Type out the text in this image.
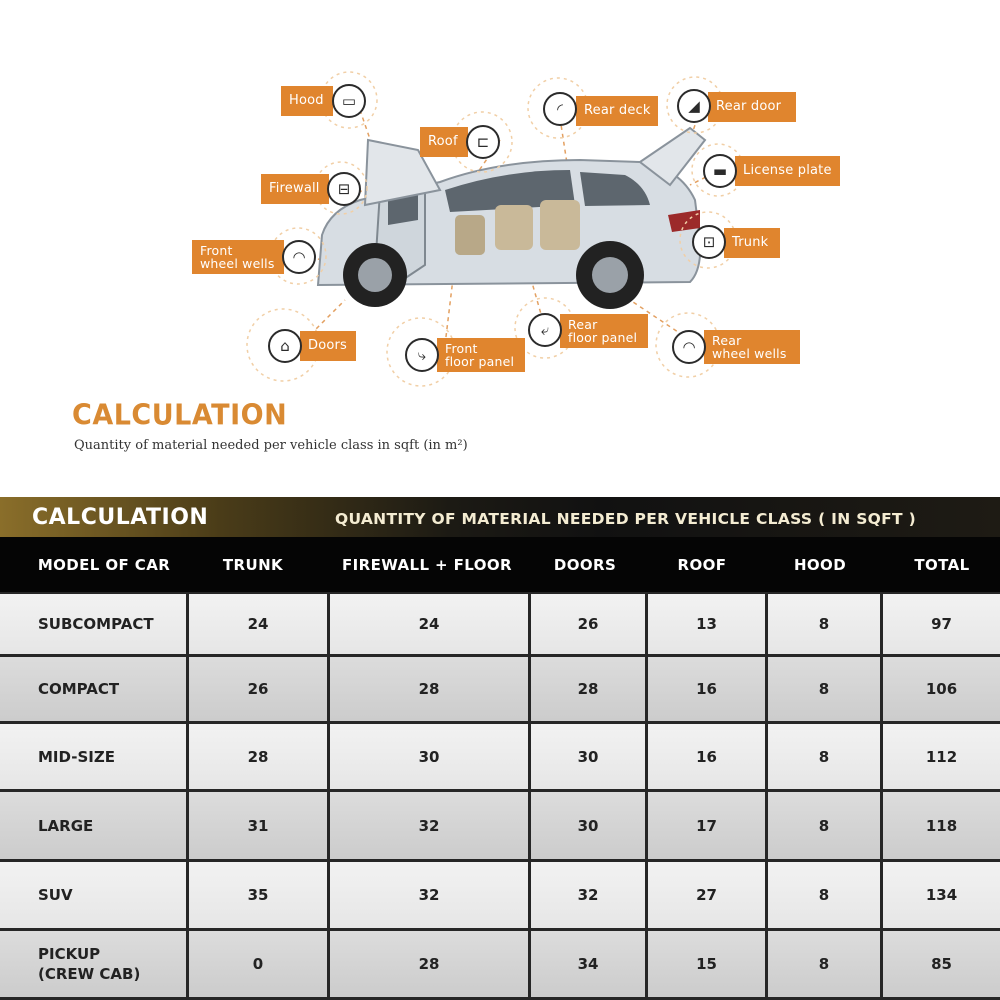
Hood	▭
Roof	⊏
Rear deck
◜	Rear door
◢
License plate
▬
Firewall	⊟
Front
wheel wells	◠
Trunk
⊡
Doors
⌂	Front
floor panel
⤷
Rear
floor panel
⤶
Rear
wheel wells
◠
CALCULATION

Quantity of material needed per vehicle class in sqft (in m²)

CALCULATION	QUANTITY OF MATERIAL NEEDED PER VEHICLE CLASS ( IN SQFT )

MODEL OF CAR	TRUNK	FIREWALL + FLOOR	DOORS	ROOF	HOOD	TOTAL
SUBCOMPACT	24	24	26	13	8	97
COMPACT	26	28	28	16	8	106
MID-SIZE	28	30	30	16	8	112
LARGE	31	32	30	17	8	118
SUV	35	32	32	27	8	134
PICKUP
(CREW CAB)
0	28	34	15	8	85
